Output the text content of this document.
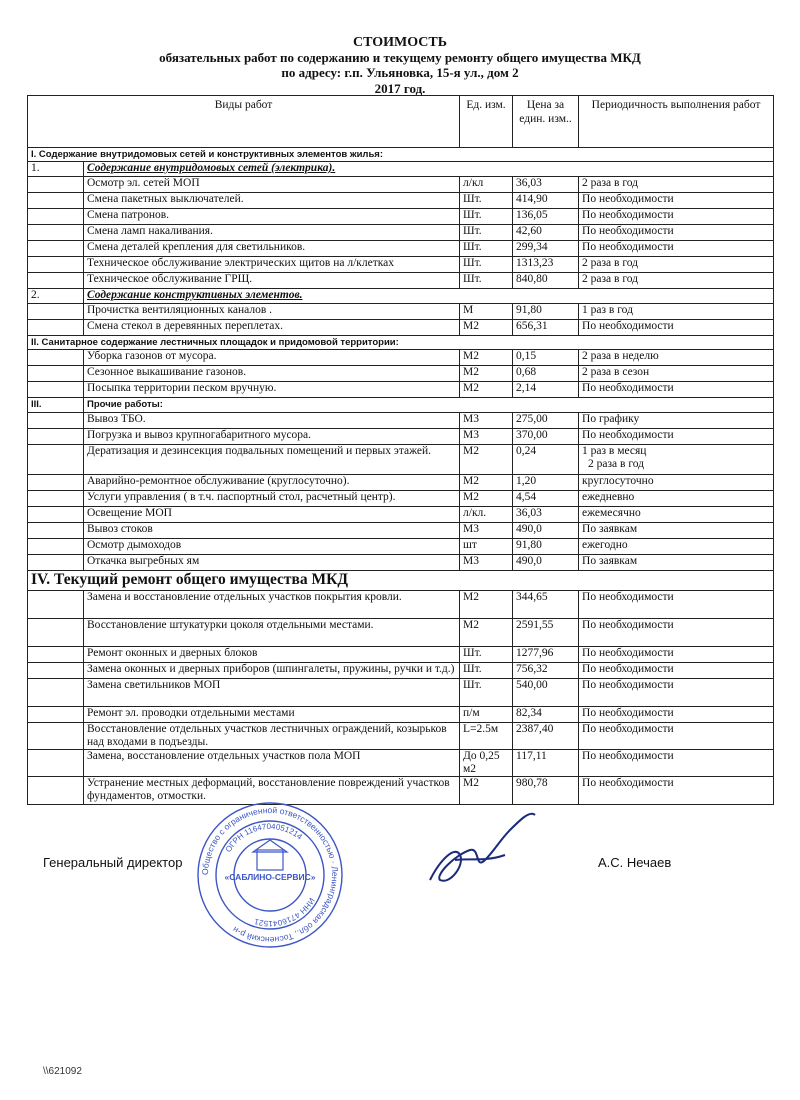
СТОИМОСТЬ
обязательных работ по содержанию и текущему ремонту общего имущества МКД
по адресу: г.п. Ульяновка, 15-я ул., дом 2
2017 год.
Виды работ		Ед. изм.	Цена за един. изм..	Периодичность выполнения работ
I. Содержание внутридомовых сетей и конструктивных элементов жилья:				
1.	Содержание внутридомовых сетей (электрика).			
	Осмотр эл. сетей МОП	л/кл	36,03	2 раза в год

	Смена пакетных выключателей.	Шт.	414,90	По необходимости

	Смена патронов.	Шт.	136,05	По необходимости

	Смена ламп накаливания.	Шт.	42,60	По необходимости

	Смена деталей крепления для светильников.	Шт.	299,34	По необходимости

	Техническое обслуживание электрических щитов на л/клетках	Шт.	1313,23	2 раза в год

	Техническое обслуживание ГРЩ.	Шт.	840,80	2 раза в год

2.	Содержание конструктивных элементов.			
	Прочистка вентиляционных каналов .	М	91,80	1 раз в год

	Смена стекол в деревянных переплетах.	М2	656,31	По необходимости

II. Санитарное содержание лестничных площадок и придомовой территории:				
	Уборка газонов от мусора.	М2	0,15	2 раза в неделю

	Сезонное выкашивание газонов.	М2	0,68	2 раза в сезон

	Посыпка территории песком вручную.	М2	2,14	По необходимости

III.	Прочие работы:			
	Вывоз ТБО.	М3	275,00	По графику

	Погрузка и вывоз крупногабаритного мусора.	М3	370,00	По необходимости

	Дератизация и дезинсекция подвальных помещений и первых этажей.	М2	0,24	1 раз в месяц
2 раза в год

	Аварийно-ремонтное обслуживание (круглосуточно).	М2	1,20	круглосуточно

	Услуги управления ( в т.ч. паспортный стол, расчетный центр).	М2	4,54	ежедневно

	Освещение МОП	л/кл.	36,03	ежемесячно

	Вывоз стоков	М3	490,0	По заявкам

	Осмотр дымоходов	шт	91,80	ежегодно

	Откачка выгребных ям	М3	490,0	По заявкам

IV. Текущий ремонт общего имущества МКД				
	Замена и восстановление отдельных участков покрытия кровли.	М2	344,65	По необходимости

	Восстановление штукатурки цоколя отдельными местами.	М2	2591,55	По необходимости

	Ремонт оконных и дверных блоков	Шт.	1277,96	По необходимости

	Замена оконных и дверных приборов (шпингалеты, пружины, ручки и т.д.)	Шт.	756,32	По необходимости

	Замена светильников МОП	Шт.	540,00	По необходимости

	Ремонт эл. проводки отдельными местами	п/м	82,34	По необходимости

	Восстановление отдельных участков лестничных ограждений, козырьков над входами в подъезды.	L=2.5м	2387,40	По необходимости

	Замена, восстановление отдельных участков пола МОП	До 0,25 м2	117,11	По необходимости

	Устранение местных деформаций, восстановление повреждений участков фундаментов, отмостки.	М2	980,78	По необходимости
Генеральный директор	А.С. Нечаев
Общество с ограниченной ответственностью · Ленинградская обл., Тосненский р-н
ОГРН 1164704051214
ИНН 4716041521
«САБЛИНО-СЕРВИС»
\\621092
